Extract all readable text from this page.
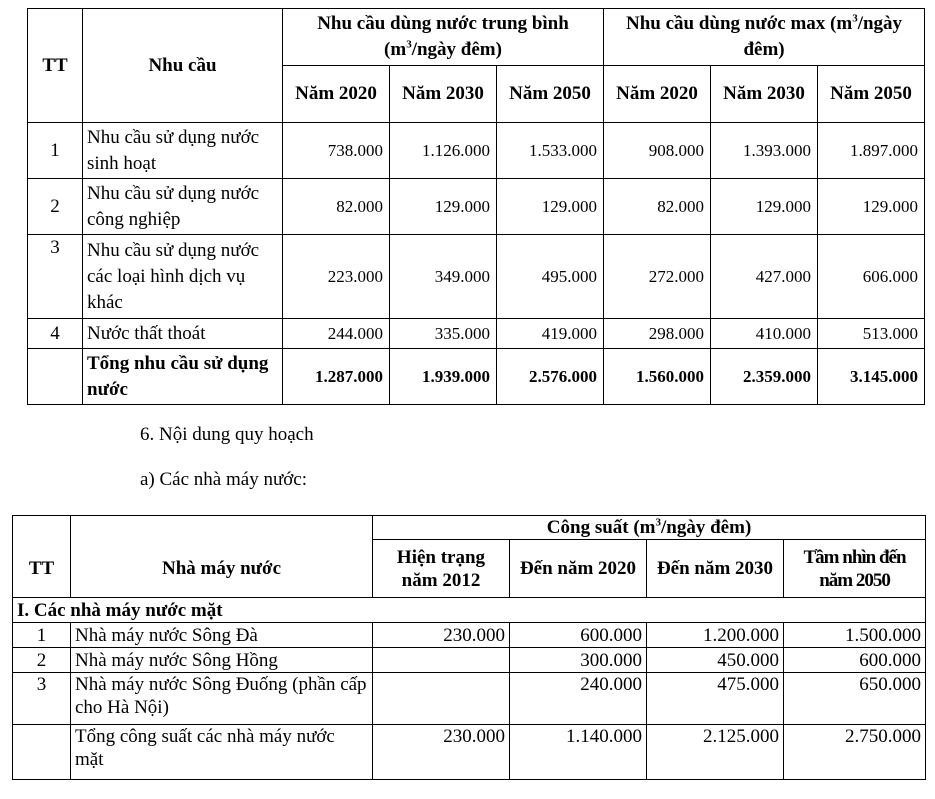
TT	Nhu cầu	Nhu cầu dùng nước trung bình ($m^3$/ngày đêm)			Nhu cầu dùng nước $\max (m^3$/ngày đêm)		
		Năm 2020	Năm 2030	Năm 2050	Năm 2020	Năm 2030	Năm 2050
1	Nhu cầu sử dụng nước sinh hoạt	738.000	1.126.000	1.533.000	908.000	1.393.000	1.897.000
2	Nhu cầu sử dụng nước công nghiệp	82.000	129.000	129.000	82.000	129.000	129.000
3	Nhu cầu sử dụng nước các loại hình dịch vụ khác	223.000	349.000	495.000	272.000	427.000	606.000
4	Nước thất thoát	244.000	335.000	419.000	298.000	410.000	513.000
	Tổng nhu cầu sử dụng nước	1.287.000	1.939.000	2.576.000	1.560.000	2.359.000	3.145.000
6. Nội dung quy hoạch
a) Các nhà máy nước:
		Công suất ($m^3$/ngày đêm)			
TT	Nhà máy nước	Hiện trạng năm 2012	Đến năm 2020	Đến năm 2030	Tầm nhìn đến năm 2050
I. Các nhà máy nước mặt					
1	Nhà máy nước Sông Đà	230.000	600.000	1.200.000	1.500.000
2	Nhà máy nước Sông Hồng		300.000	450.000	600.000
3	Nhà máy nước Sông Đuống (phần cấp cho Hà Nội)		240.000	475.000	650.000
	Tổng công suất các nhà máy nước mặt	230.000	1.140.000	2.125.000	2.750.000
